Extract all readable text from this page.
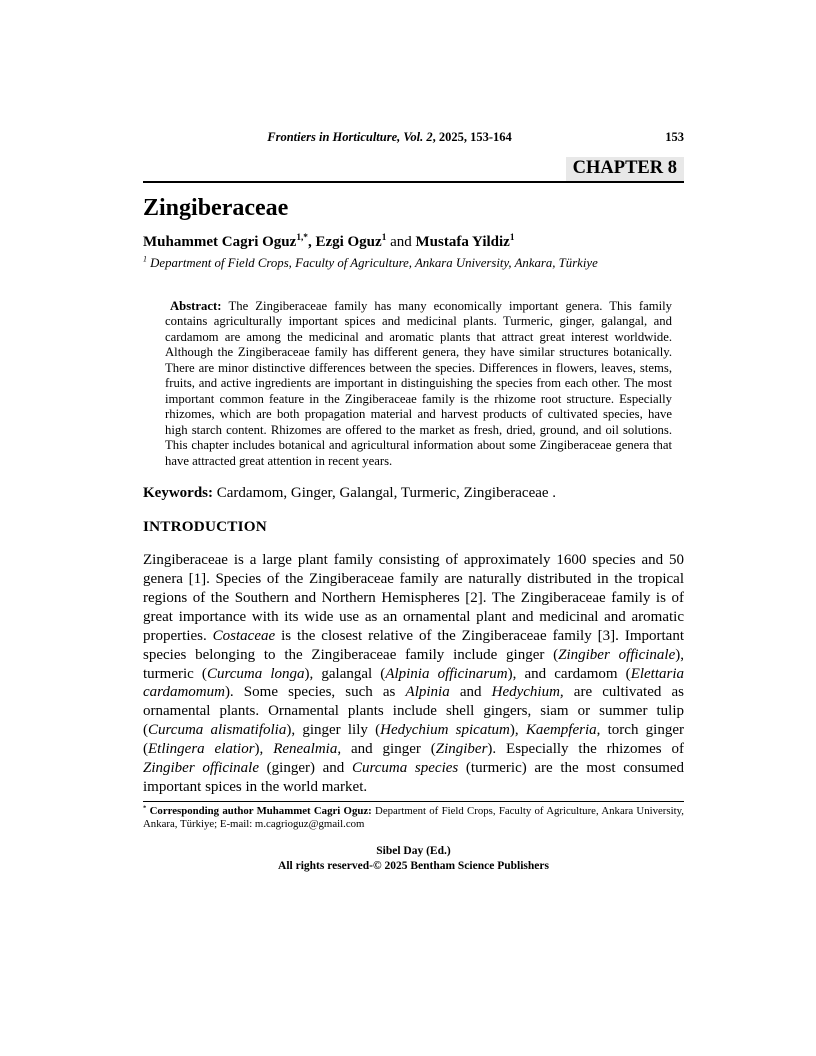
Frontiers in Horticulture, Vol. 2, 2025, 153-164	153
CHAPTER 8
Zingiberaceae
Muhammet Cagri Oguz$^{1,*}$, Ezgi Oguz$^1$ and Mustafa Yildiz$^1$
$^1$ Department of Field Crops, Faculty of Agriculture, Ankara University, Ankara, Türkiye
Abstract: The Zingiberaceae family has many economically important genera. This family contains agriculturally important spices and medicinal plants. Turmeric, ginger, galangal, and cardamom are among the medicinal and aromatic plants that attract great interest worldwide. Although the Zingiberaceae family has different genera, they have similar structures botanically. There are minor distinctive differences between the species. Differences in flowers, leaves, stems, fruits, and active ingredients are important in distinguishing the species from each other. The most important common feature in the Zingiberaceae family is the rhizome root structure. Especially rhizomes, which are both propagation material and harvest products of cultivated species, have high starch content. Rhizomes are offered to the market as fresh, dried, ground, and oil solutions. This chapter includes botanical and agricultural information about some Zingiberaceae genera that have attracted great attention in recent years.
Keywords: Cardamom, Ginger, Galangal, Turmeric, Zingiberaceae .
INTRODUCTION
Zingiberaceae is a large plant family consisting of approximately 1600 species and 50 genera [1]. Species of the Zingiberaceae family are naturally distributed in the tropical regions of the Southern and Northern Hemispheres [2]. The Zingiberaceae family is of great importance with its wide use as an ornamental plant and medicinal and aromatic properties. Costaceae is the closest relative of the Zingiberaceae family [3]. Important species belonging to the Zingiberaceae family include ginger (Zingiber officinale), turmeric (Curcuma longa), galangal (Alpinia officinarum), and cardamom (Elettaria cardamomum). Some species, such as Alpinia and Hedychium, are cultivated as ornamental plants. Ornamental plants include shell gingers, siam or summer tulip (Curcuma alismatifolia), ginger lily (Hedychium spicatum), Kaempferia, torch ginger (Etlingera elatior), Renealmia, and ginger (Zingiber). Especially the rhizomes of Zingiber officinale (ginger) and Curcuma species (turmeric) are the most consumed important spices in the world market.
* Corresponding author Muhammet Cagri Oguz: Department of Field Crops, Faculty of Agriculture, Ankara University, Ankara, Türkiye; E-mail: m.cagrioguz@gmail.com
Sibel Day (Ed.)
All rights reserved-© 2025 Bentham Science Publishers
